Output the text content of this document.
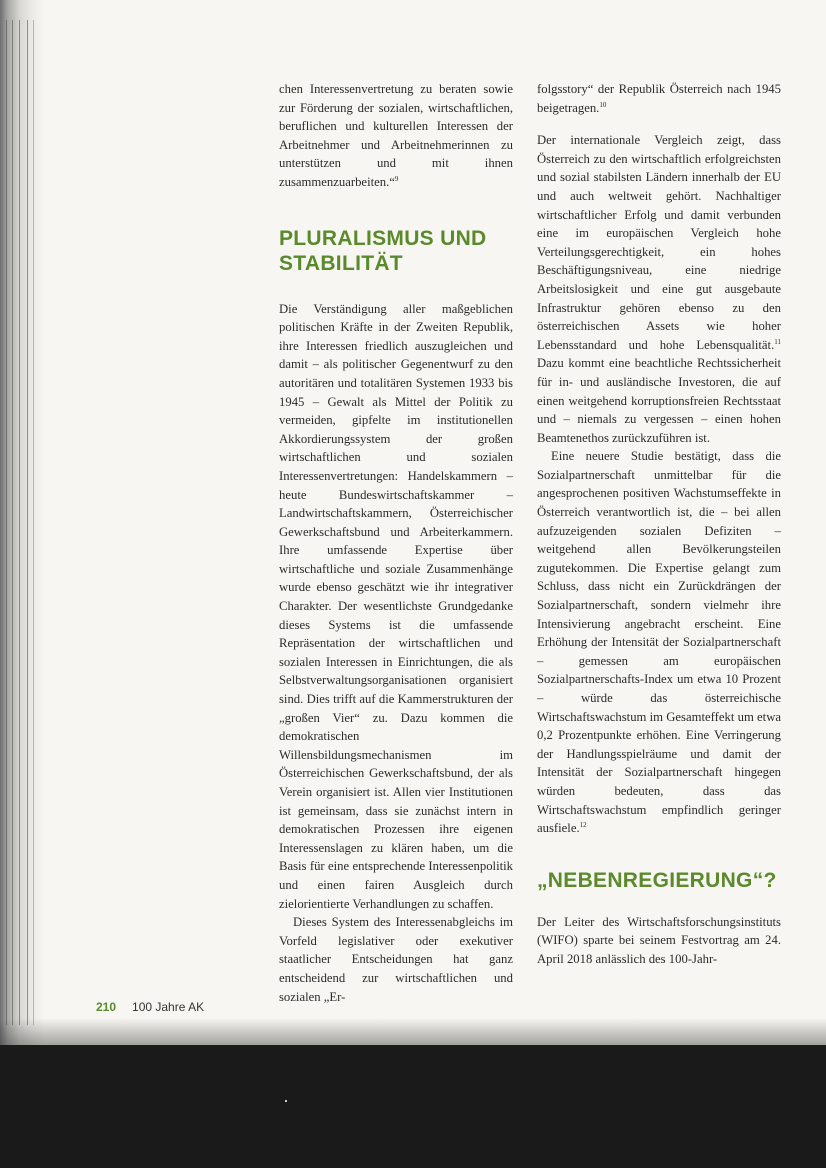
chen Interessenvertretung zu beraten sowie zur Förderung der sozialen, wirtschaftlichen, beruflichen und kulturellen Interessen der Arbeitnehmer und Arbeitnehmerinnen zu unterstützen und mit ihnen zusammenzuarbeiten.“$^9$

PLURALISMUS UND STABILITÄT

Die Verständigung aller maßgeblichen politischen Kräfte in der Zweiten Republik, ihre Interessen friedlich auszugleichen und damit – als politischer Gegenentwurf zu den autoritären und totalitären Systemen 1933 bis 1945 – Gewalt als Mittel der Politik zu vermeiden, gipfelte im institutionellen Akkordierungssystem der großen wirtschaftlichen und sozialen Interessenvertretungen: Handelskammern – heute Bundeswirtschaftskammer – Landwirtschaftskammern, Österreichischer Gewerkschaftsbund und Arbeiterkammern. Ihre umfassende Expertise über wirtschaftliche und soziale Zusammenhänge wurde ebenso geschätzt wie ihr integrativer Charakter. Der wesentlichste Grundgedanke dieses Systems ist die umfassende Repräsentation der wirtschaftlichen und sozialen Interessen in Einrichtungen, die als Selbstverwaltungsorganisationen organisiert sind. Dies trifft auf die Kammerstrukturen der „großen Vier“ zu. Dazu kommen die demokratischen Willensbildungsmechanismen im Österreichischen Gewerkschaftsbund, der als Verein organisiert ist. Allen vier Institutionen ist gemeinsam, dass sie zunächst intern in demokratischen Prozessen ihre eigenen Interessenslagen zu klären haben, um die Basis für eine entsprechende Interessenpolitik und einen fairen Ausgleich durch zielorientierte Verhandlungen zu schaffen.

Dieses System des Interessenabgleichs im Vorfeld legislativer oder exekutiver staatlicher Entscheidungen hat ganz entscheidend zur wirtschaftlichen und sozialen „Er-

folgsstory“ der Republik Österreich nach 1945 beigetragen.$^{10}$

Der internationale Vergleich zeigt, dass Österreich zu den wirtschaftlich erfolgreichsten und sozial stabilsten Ländern innerhalb der EU und auch weltweit gehört. Nachhaltiger wirtschaftlicher Erfolg und damit verbunden eine im europäischen Vergleich hohe Verteilungsgerechtigkeit, ein hohes Beschäftigungsniveau, eine niedrige Arbeitslosigkeit und eine gut ausgebaute Infrastruktur gehören ebenso zu den österreichischen Assets wie hoher Lebensstandard und hohe Lebensqualität.$^{11}$ Dazu kommt eine beachtliche Rechtssicherheit für in- und ausländische Investoren, die auf einen weitgehend korruptionsfreien Rechtsstaat und – niemals zu vergessen – einen hohen Beamtenethos zurückzuführen ist.

Eine neuere Studie bestätigt, dass die Sozialpartnerschaft unmittelbar für die angesprochenen positiven Wachstumseffekte in Österreich verantwortlich ist, die – bei allen aufzuzeigenden sozialen Defiziten – weitgehend allen Bevölkerungsteilen zugutekommen. Die Expertise gelangt zum Schluss, dass nicht ein Zurückdrängen der Sozialpartnerschaft, sondern vielmehr ihre Intensivierung angebracht erscheint. Eine Erhöhung der Intensität der Sozialpartnerschaft – gemessen am europäischen Sozialpartnerschafts-Index um etwa 10 Prozent – würde das österreichische Wirtschaftswachstum im Gesamteffekt um etwa 0,2 Prozentpunkte erhöhen. Eine Verringerung der Handlungsspielräume und damit der Intensität der Sozialpartnerschaft hingegen würden bedeuten, dass das Wirtschaftswachstum empfindlich geringer ausfiele.$^{12}$

„NEBENREGIERUNG“?

Der Leiter des Wirtschaftsforschungsinstituts (WIFO) sparte bei seinem Festvortrag am 24. April 2018 anlässlich des 100-Jahr-

210 100 Jahre AK
